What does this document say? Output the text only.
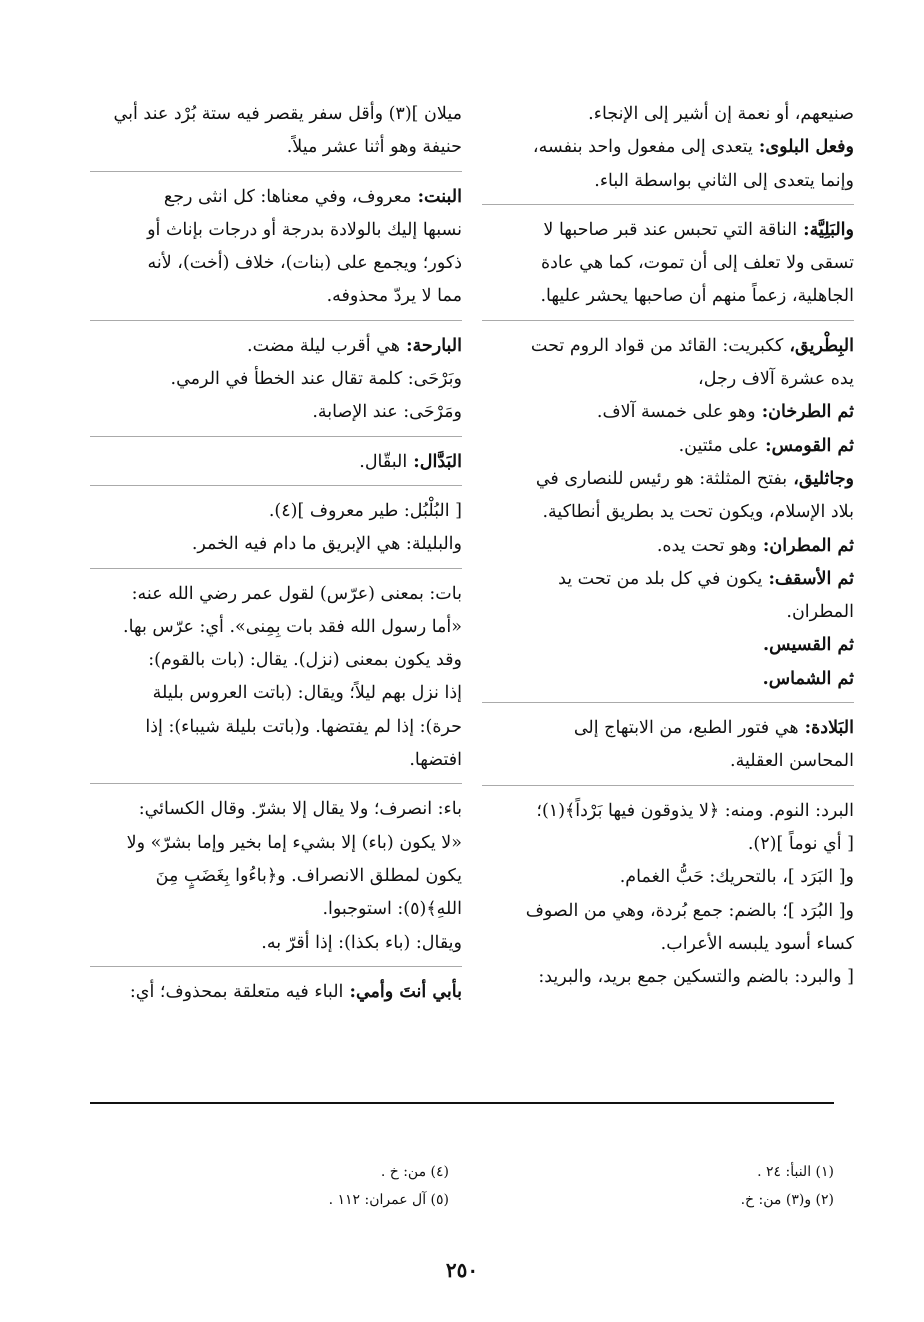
صنيعهم، أو نعمة إن أشير إلى الإنجاء.
وفعل البلوى: يتعدى إلى مفعول واحد بنفسه،
وإنما يتعدى إلى الثاني بواسطة الباء.
والبَلِيَّة: الناقة التي تحبس عند قبر صاحبها لا
تسقى ولا تعلف إلى أن تموت، كما هي عادة
الجاهلية، زعماً منهم أن صاحبها يحشر عليها.
البِطْريق، ككبريت: القائد من قواد الروم تحت
يده عشرة آلاف رجل،
ثم الطرخان: وهو على خمسة آلاف.
ثم القومس: على مئتين.
وجاثليق، بفتح المثلثة: هو رئيس للنصارى في
بلاد الإسلام، ويكون تحت يد بطريق أنطاكية.
ثم المطران: وهو تحت يده.
ثم الأسقف: يكون في كل بلد من تحت يد
المطران.
ثم القسيس.
ثم الشماس.
البَلادة: هي فتور الطبع، من الابتهاج إلى
المحاسن العقلية.
البرد: النوم. ومنه: ﴿لا يذوقون فيها بَرْداً﴾(١)؛
[ أي نوماً ](٢).
و[ البَرَد ]، بالتحريك: حَبُّ الغمام.
و[ البُرَد ]؛ بالضم: جمع بُردة، وهي من الصوف
كساء أسود يلبسه الأعراب.
[ والبرد: بالضم والتسكين جمع بريد، والبريد:
ميلان ](٣) وأقل سفر يقصر فيه ستة بُرْد عند أبي
حنيفة وهو أثنا عشر ميلاً.
البنت: معروف، وفي معناها: كل انثى رجع
نسبها إليك بالولادة بدرجة أو درجات بإناث أو
ذكور؛ ويجمع على (بنات)، خلاف (أخت)، لأنه
مما لا يردّ محذوفه.
البارحة: هي أقرب ليلة مضت.
وبَرْحَى: كلمة تقال عند الخطأ في الرمي.
ومَرْحَى: عند الإصابة.
البَدَّال: البقّال.
[ البُلْبُل: طير معروف ](٤).
والبليلة: هي الإبريق ما دام فيه الخمر.
بات: بمعنى (عرّس) لقول عمر رضي الله عنه:
«أما رسول الله فقد بات بِمِنى». أي: عرّس بها.
وقد يكون بمعنى (نزل). يقال: (بات بالقوم):
إذا نزل بهم ليلاً؛ ويقال: (باتت العروس بليلة
حرة): إذا لم يفتضها. و(باتت بليلة شيباء): إذا
افتضها.
باء: انصرف؛ ولا يقال إلا بشرّ. وقال الكسائي:
«لا يكون (باء) إلا بشيء إما بخير وإما بشرّ» ولا
يكون لمطلق الانصراف. و﴿باءُوا بِغَضَبٍ مِنَ
اللهِ﴾(٥): استوجبوا.
ويقال: (باء بكذا): إذا أقرّ به.
بأبي أنتَ وأمي: الباء فيه متعلقة بمحذوف؛ أي:
(١) النبأ: ٢٤ .
(٢) و(٣) من: خ.
(٤) من: خ .
(٥) آل عمران: ١١٢ .
٢٥٠
